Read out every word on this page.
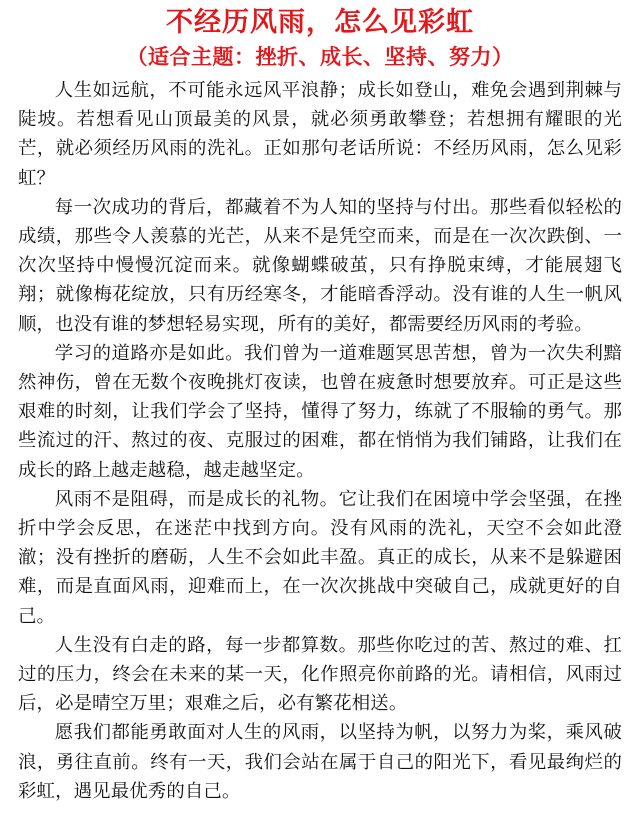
不经历风雨，怎么见彩虹
（适合主题：挫折、成长、坚持、努力）

人生如远航，不可能永远风平浪静；成长如登山，难免会遇到荆棘与陡坡。若想看见山顶最美的风景，就必须勇敢攀登；若想拥有耀眼的光芒，就必须经历风雨的洗礼。正如那句老话所说：不经历风雨，怎么见彩虹？

每一次成功的背后，都藏着不为人知的坚持与付出。那些看似轻松的成绩，那些令人羡慕的光芒，从来不是凭空而来，而是在一次次跌倒、一次次坚持中慢慢沉淀而来。就像蝴蝶破茧，只有挣脱束缚，才能展翅飞翔；就像梅花绽放，只有历经寒冬，才能暗香浮动。没有谁的人生一帆风顺，也没有谁的梦想轻易实现，所有的美好，都需要经历风雨的考验。

学习的道路亦是如此。我们曾为一道难题冥思苦想，曾为一次失利黯然神伤，曾在无数个夜晚挑灯夜读，也曾在疲惫时想要放弃。可正是这些艰难的时刻，让我们学会了坚持，懂得了努力，练就了不服输的勇气。那些流过的汗、熬过的夜、克服过的困难，都在悄悄为我们铺路，让我们在成长的路上越走越稳，越走越坚定。

风雨不是阻碍，而是成长的礼物。它让我们在困境中学会坚强，在挫折中学会反思，在迷茫中找到方向。没有风雨的洗礼，天空不会如此澄澈；没有挫折的磨砺，人生不会如此丰盈。真正的成长，从来不是躲避困难，而是直面风雨，迎难而上，在一次次挑战中突破自己，成就更好的自己。

人生没有白走的路，每一步都算数。那些你吃过的苦、熬过的难、扛过的压力，终会在未来的某一天，化作照亮你前路的光。请相信，风雨过后，必是晴空万里；艰难之后，必有繁花相送。

愿我们都能勇敢面对人生的风雨，以坚持为帆，以努力为桨，乘风破浪，勇往直前。终有一天，我们会站在属于自己的阳光下，看见最绚烂的彩虹，遇见最优秀的自己。
